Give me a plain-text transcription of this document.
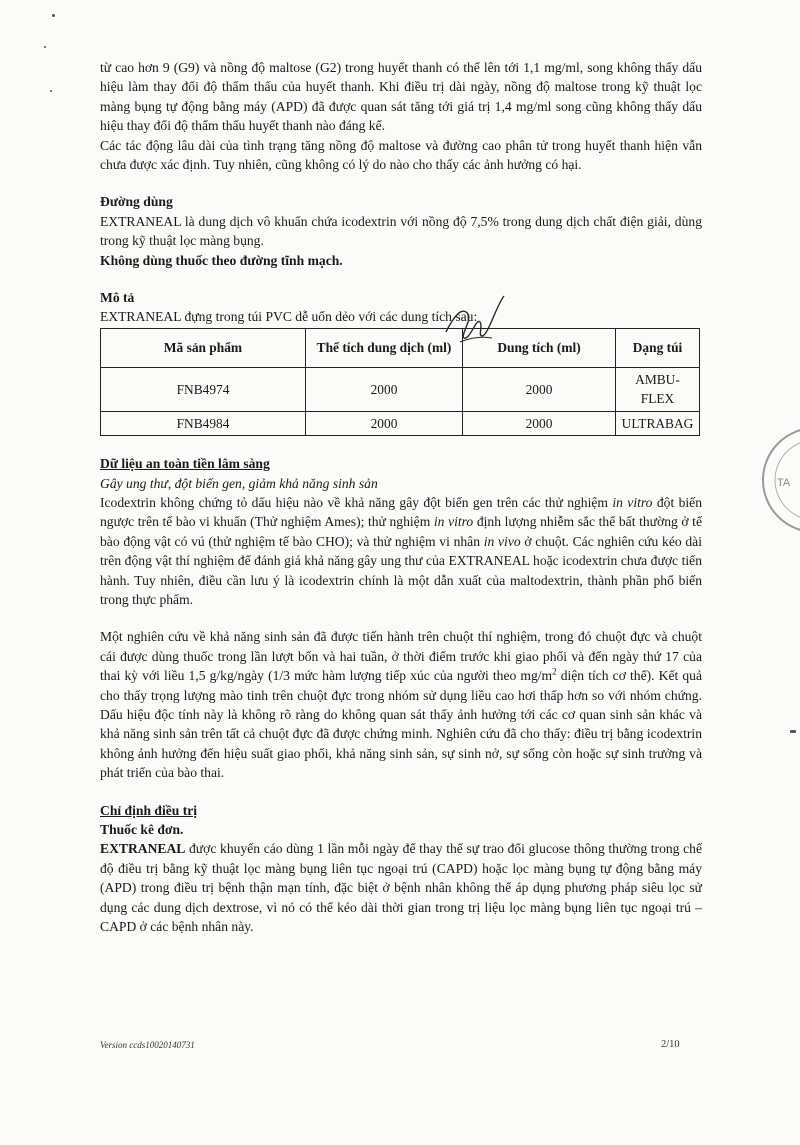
từ cao hơn 9 (G9) và nồng độ maltose (G2) trong huyết thanh có thể lên tới 1,1 mg/ml, song không thấy dấu hiệu làm thay đổi độ thẩm thấu của huyết thanh. Khi điều trị dài ngày, nồng độ maltose trong kỹ thuật lọc màng bụng tự động bằng máy (APD) đã được quan sát tăng tới giá trị 1,4 mg/ml song cũng không thấy dấu hiệu thay đổi độ thẩm thấu huyết thanh nào đáng kể.

Các tác động lâu dài của tình trạng tăng nồng độ maltose và đường cao phân tử trong huyết thanh hiện vẫn chưa được xác định. Tuy nhiên, cũng không có lý do nào cho thấy các ảnh hưởng có hại.

Đường dùng

EXTRANEAL là dung dịch vô khuẩn chứa icodextrin với nồng độ 7,5% trong dung dịch chất điện giải, dùng trong kỹ thuật lọc màng bụng.

Không dùng thuốc theo đường tĩnh mạch.

Mô tả

EXTRANEAL đựng trong túi PVC dễ uốn dẻo với các dung tích sau:

Mã sản phẩm	Thể tích dung dịch (ml)	Dung tích (ml)	Dạng túi
FNB4974	2000	2000	AMBU-FLEX
FNB4984	2000	2000	ULTRABAG

Dữ liệu an toàn tiền lâm sàng

Gây ung thư, đột biến gen, giảm khả năng sinh sản

Icodextrin không chứng tỏ dấu hiệu nào về khả năng gây đột biến gen trên các thử nghiệm in vitro đột biến ngược trên tế bào vi khuẩn (Thử nghiệm Ames); thử nghiệm in vitro định lượng nhiễm sắc thể bất thường ở tế bào động vật có vú (thử nghiệm tế bào CHO); và thử nghiệm vi nhân in vivo ở chuột. Các nghiên cứu kéo dài trên động vật thí nghiệm để đánh giá khả năng gây ung thư của EXTRANEAL hoặc icodextrin chưa được tiến hành. Tuy nhiên, điều cần lưu ý là icodextrin chính là một dẫn xuất của maltodextrin, thành phần phổ biến trong thực phẩm.

Một nghiên cứu về khả năng sinh sản đã được tiến hành trên chuột thí nghiệm, trong đó chuột đực và chuột cái được dùng thuốc trong lần lượt bốn và hai tuần, ở thời điểm trước khi giao phối và đến ngày thứ 17 của thai kỳ với liều 1,5 g/kg/ngày (1/3 mức hàm lượng tiếp xúc của người theo $mg/m^2$ diện tích cơ thể). Kết quả cho thấy trọng lượng mào tinh trên chuột đực trong nhóm sử dụng liều cao hơi thấp hơn so với nhóm chứng. Dấu hiệu độc tính này là không rõ ràng do không quan sát thấy ảnh hưởng tới các cơ quan sinh sản khác và khả năng sinh sản trên tất cả chuột đực đã được chứng minh. Nghiên cứu đã cho thấy: điều trị bằng icodextrin không ảnh hưởng đến hiệu suất giao phối, khả năng sinh sản, sự sinh nở, sự sống còn hoặc sự sinh trưởng và phát triển của bào thai.

Chỉ định điều trị

Thuốc kê đơn.

EXTRANEAL được khuyến cáo dùng 1 lần mỗi ngày để thay thế sự trao đổi glucose thông thường trong chế độ điều trị bằng kỹ thuật lọc màng bụng liên tục ngoại trú (CAPD) hoặc lọc màng bụng tự động bằng máy (APD) trong điều trị bệnh thận mạn tính, đặc biệt ở bệnh nhân không thể áp dụng phương pháp siêu lọc sử dụng các dung dịch dextrose, vì nó có thể kéo dài thời gian trong trị liệu lọc màng bụng liên tục ngoại trú – CAPD ở các bệnh nhân này.

TA
Version ccds10020140731	2/10
